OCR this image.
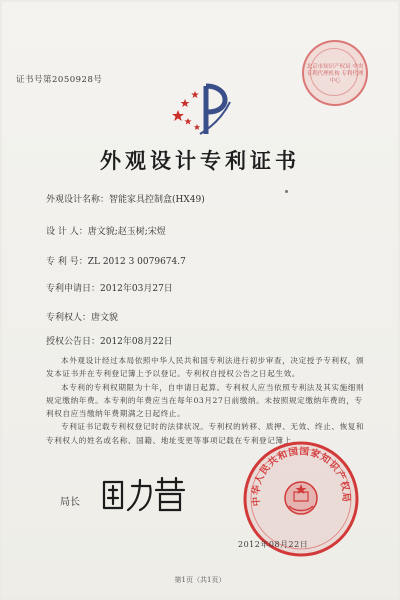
证书号第2050928号
北京市知识产权局 中央专利代理机构 专利代理中心
外观设计专利证书
外观设计名称：智能家具控制盒(HX49)
设 计 人：唐文貌;赵玉树;宋煜
专 利 号：ZL 2012 3 0079674.7
专利申请日：2012年03月27日
专利权人：唐文貌
授权公告日：2012年08月22日

本外观设计经过本局依照中华人民共和国专利法进行初步审查，决定授予专利权，颁发本证书并在专利登记簿上予以登记。专利权自授权公告之日起生效。

本专利的专利权期限为十年，自申请日起算。专利权人应当依照专利法及其实施细则规定缴纳年费。本专利的年费应当在每年03月27日前缴纳。未按照规定缴纳年费的，专利权自应当缴纳年费期满之日起终止。

专利证书记载专利权登记时的法律状况。专利权的转移、质押、无效、终止、恢复和专利权人的姓名或名称、国籍、地址变更等事项记载在专利登记簿上。

局长	中华人民共和国国家知识产权局
2012年08月22日
第1页（共1页）
